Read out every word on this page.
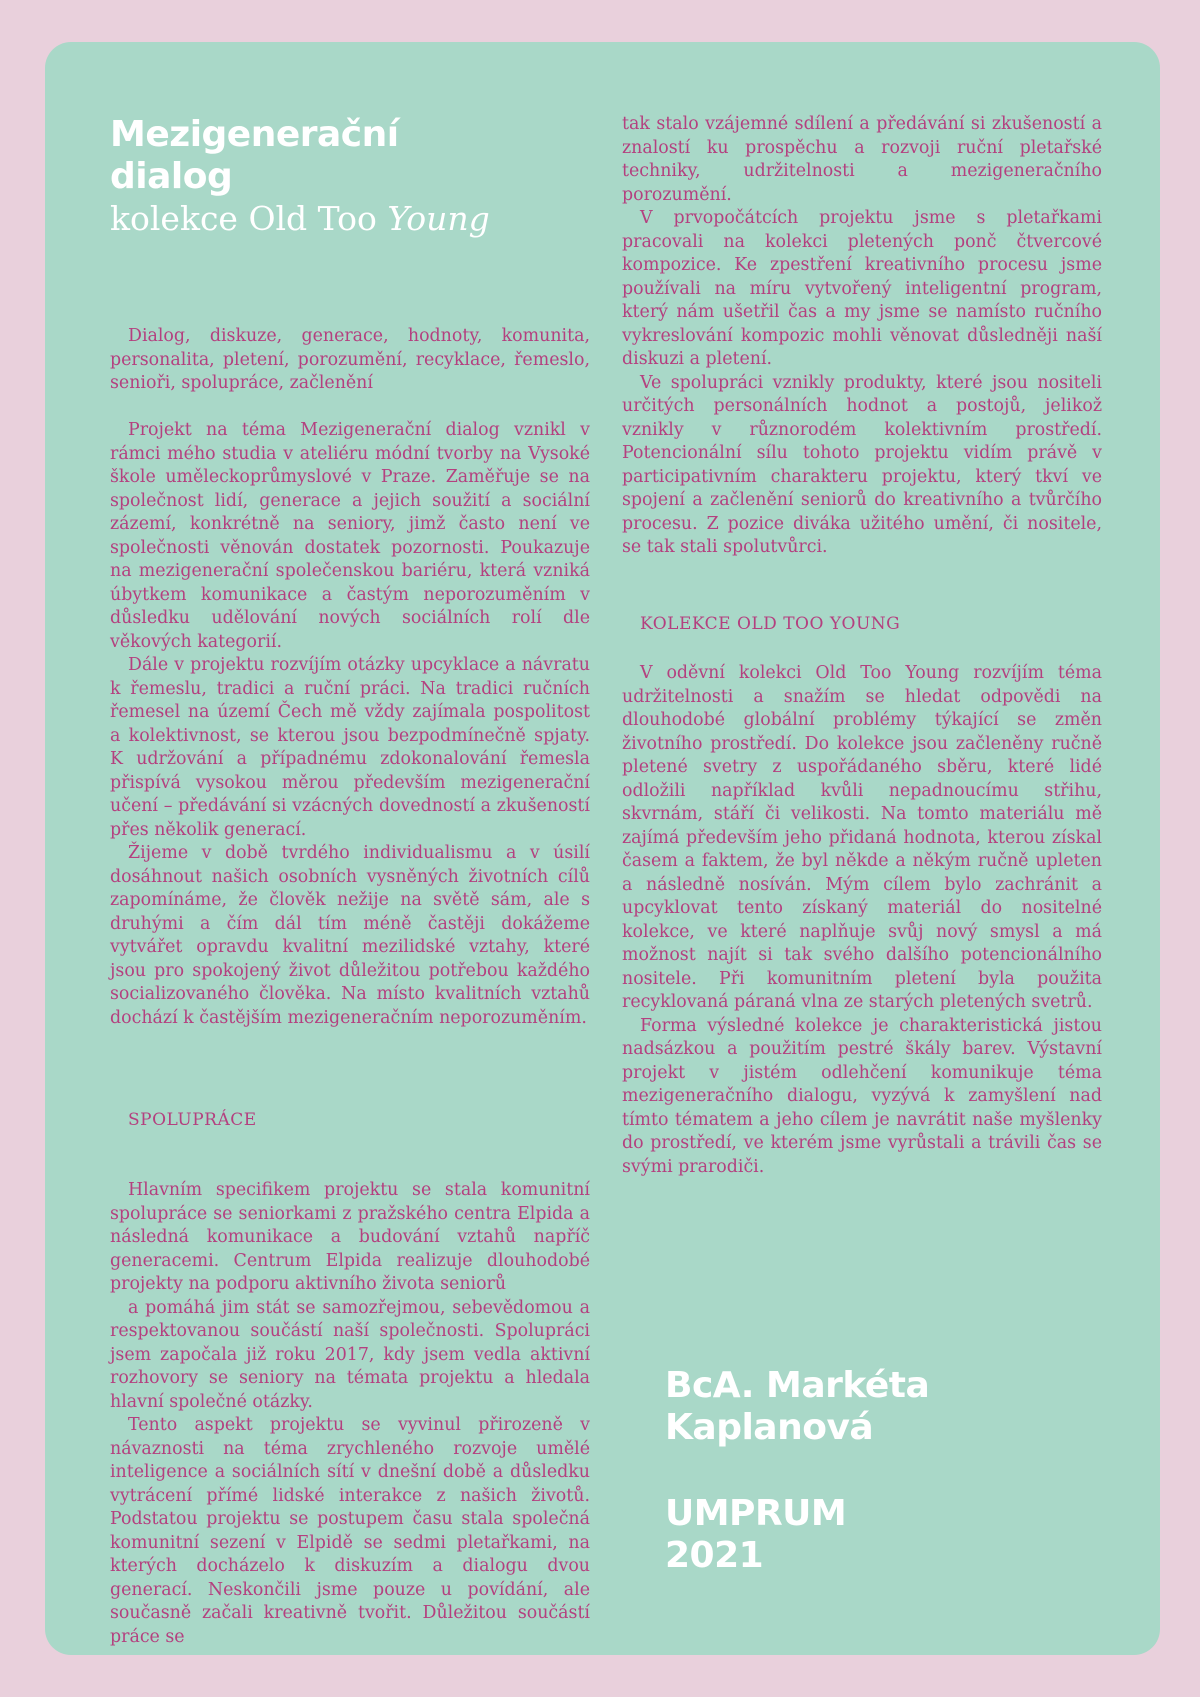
Mezigenerační dialog
kolekce Old Too Young

Dialog, diskuze, generace, hodnoty, komunita, personalita, pletení, porozumění, recyklace, řemeslo, senioři, spolupráce, začlenění

Projekt na téma Mezigenerační dialog vznikl v rámci mého studia v ateliéru módní tvorby na Vysoké škole uměleckoprůmyslové v Praze. Zaměřuje se na společnost lidí, generace a jejich soužití a sociální zázemí, konkrétně na seniory, jimž často není ve společnosti věnován dostatek pozornosti. Poukazuje na mezigenerační společenskou bariéru, která vzniká úbytkem komunikace a častým neporozuměním v důsledku udělování nových sociálních rolí dle věkových kategorií.

Dále v projektu rozvíjím otázky upcyklace a návratu k řemeslu, tradici a ruční práci. Na tradici ručních řemesel na území Čech mě vždy zajímala pospolitost a kolektivnost, se kterou jsou bezpodmínečně spjaty. K udržování a případnému zdokonalování řemesla přispívá vysokou měrou především mezigenerační učení – předávání si vzácných dovedností a zkušeností přes několik generací.

Žijeme v době tvrdého individualismu a v úsilí dosáhnout našich osobních vysněných životních cílů zapomínáme, že člověk nežije na světě sám, ale s druhými a čím dál tím méně častěji dokážeme vytvářet opravdu kvalitní mezilidské vztahy, které jsou pro spokojený život důležitou potřebou každého socializovaného člověka. Na místo kvalitních vztahů dochází k častějším mezigeneračním neporozuměním.

SPOLUPRÁCE

Hlavním specifikem projektu se stala komunitní spolupráce se seniorkami z pražského centra Elpida a následná komunikace a budování vztahů napříč generacemi. Centrum Elpida realizuje dlouhodobé projekty na podporu aktivního života seniorů

a pomáhá jim stát se samozřejmou, sebevědomou a respektovanou součástí naší společnosti. Spolupráci jsem započala již roku 2017, kdy jsem vedla aktivní rozhovory se seniory na témata projektu a hledala hlavní společné otázky.

Tento aspekt projektu se vyvinul přirozeně v návaznosti na téma zrychleného rozvoje umělé inteligence a sociálních sítí v dnešní době a důsledku vytrácení přímé lidské interakce z našich životů. Podstatou projektu se postupem času stala společná komunitní sezení v Elpidě se sedmi pletařkami, na kterých docházelo k diskuzím a dialogu dvou generací. Neskončili jsme pouze u povídání, ale současně začali kreativně tvořit. Důležitou součástí práce se

tak stalo vzájemné sdílení a předávání si zkušeností a znalostí ku prospěchu a rozvoji ruční pletařské techniky, udržitelnosti a mezigeneračního porozumění.

V prvopočátcích projektu jsme s pletařkami pracovali na kolekci pletených ponč čtvercové kompozice. Ke zpestření kreativního procesu jsme používali na míru vytvořený inteligentní program, který nám ušetřil čas a my jsme se namísto ručního vykreslování kompozic mohli věnovat důsledněji naší diskuzi a pletení.

Ve spolupráci vznikly produkty, které jsou nositeli určitých personálních hodnot a postojů, jelikož vznikly v různorodém kolektivním prostředí. Potencionální sílu tohoto projektu vidím právě v participativním charakteru projektu, který tkví ve spojení a začlenění seniorů do kreativního a tvůrčího procesu. Z pozice diváka užitého umění, či nositele, se tak stali spolutvůrci.

KOLEKCE OLD TOO YOUNG

V oděvní kolekci Old Too Young rozvíjím téma udržitelnosti a snažím se hledat odpovědi na dlouhodobé globální problémy týkající se změn životního prostředí. Do kolekce jsou začleněny ručně pletené svetry z uspořádaného sběru, které lidé odložili například kvůli nepadnoucímu střihu, skvrnám, stáří či velikosti. Na tomto materiálu mě zajímá především jeho přidaná hodnota, kterou získal časem a faktem, že byl někde a někým ručně upleten a následně nosíván. Mým cílem bylo zachránit a upcyklovat tento získaný materiál do nositelné kolekce, ve které naplňuje svůj nový smysl a má možnost najít si tak svého dalšího potencionálního nositele. Při komunitním pletení byla použita recyklovaná páraná vlna ze starých pletených svetrů.

Forma výsledné kolekce je charakteristická jistou nadsázkou a použitím pestré škály barev. Výstavní projekt v jistém odlehčení komunikuje téma mezigeneračního dialogu, vyzývá k zamyšlení nad tímto tématem a jeho cílem je navrátit naše myšlenky do prostředí, ve kterém jsme vyrůstali a trávili čas se svými prarodiči.

BcA. Markéta Kaplanová
UMPRUM
2021
